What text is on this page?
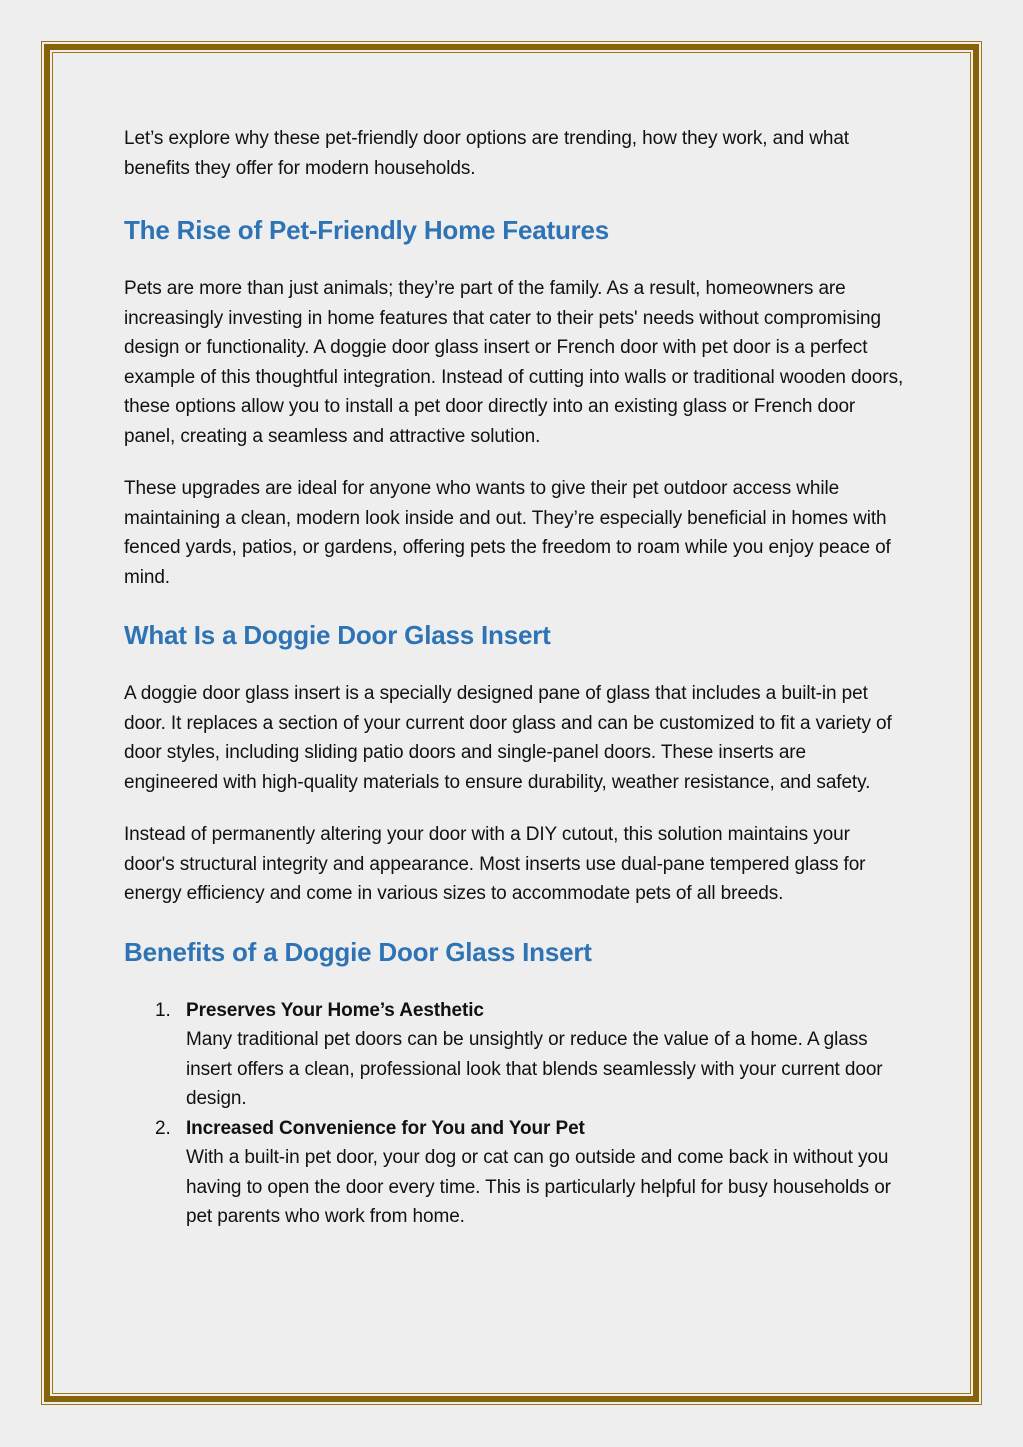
Let’s explore why these pet-friendly door options are trending, how they work, and what benefits they offer for modern households.

The Rise of Pet-Friendly Home Features

Pets are more than just animals; they’re part of the family. As a result, homeowners are increasingly investing in home features that cater to their pets' needs without compromising design or functionality. A doggie door glass insert or French door with pet door is a perfect example of this thoughtful integration. Instead of cutting into walls or traditional wooden doors, these options allow you to install a pet door directly into an existing glass or French door panel, creating a seamless and attractive solution.

These upgrades are ideal for anyone who wants to give their pet outdoor access while maintaining a clean, modern look inside and out. They’re especially beneficial in homes with fenced yards, patios, or gardens, offering pets the freedom to roam while you enjoy peace of mind.

What Is a Doggie Door Glass Insert

A doggie door glass insert is a specially designed pane of glass that includes a built-in pet door. It replaces a section of your current door glass and can be customized to fit a variety of door styles, including sliding patio doors and single-panel doors. These inserts are engineered with high-quality materials to ensure durability, weather resistance, and safety.

Instead of permanently altering your door with a DIY cutout, this solution maintains your door's structural integrity and appearance. Most inserts use dual-pane tempered glass for energy efficiency and come in various sizes to accommodate pets of all breeds.

Benefits of a Doggie Door Glass Insert
1. Preserves Your Home’s Aesthetic
Many traditional pet doors can be unsightly or reduce the value of a home. A glass insert offers a clean, professional look that blends seamlessly with your current door design.
2. Increased Convenience for You and Your Pet
With a built-in pet door, your dog or cat can go outside and come back in without you having to open the door every time. This is particularly helpful for busy households or pet parents who work from home.
